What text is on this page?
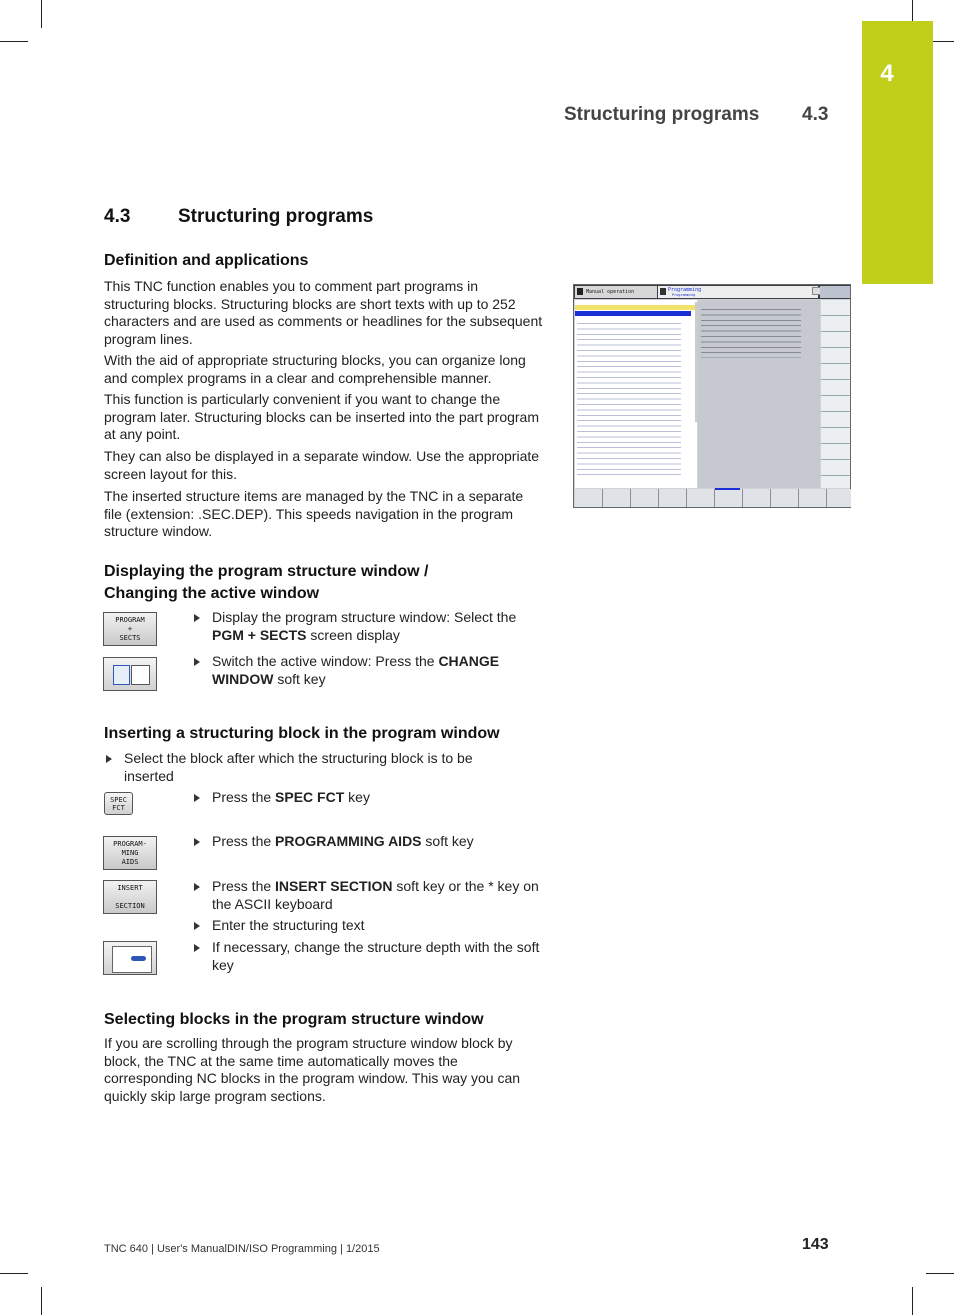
4
Structuring programs 4.3
4.3	Structuring programs
Definition and applications
This TNC function enables you to comment part programs in structuring blocks. Structuring blocks are short texts with up to 252 characters and are used as comments or headlines for the subsequent program lines.
With the aid of appropriate structuring blocks, you can organize long and complex programs in a clear and comprehensible manner.
This function is particularly convenient if you want to change the program later. Structuring blocks can be inserted into the part program at any point.
They can also be displayed in a separate window. Use the appropriate screen layout for this.
The inserted structure items are managed by the TNC in a separate file (extension: .SEC.DEP). This speeds navigation in the program structure window.
Manual operation	Programming
Programming
Displaying the program structure window /
Changing the active window
PROGRAM
+
SECTS
Display the program structure window: Select the PGM + SECTS screen display
Switch the active window: Press the CHANGE WINDOW soft key
Inserting a structuring block in the program window
Select the block after which the structuring block is to be inserted
SPEC
FCT
Press the SPEC FCT key
PROGRAM-
MING
AIDS
Press the PROGRAMMING AIDS soft key
INSERT
SECTION
Press the INSERT SECTION soft key or the * key on the ASCII keyboard
Enter the structuring text
If necessary, change the structure depth with the soft key
Selecting blocks in the program structure window
If you are scrolling through the program structure window block by block, the TNC at the same time automatically moves the corresponding NC blocks in the program window. This way you can quickly skip large program sections.
TNC 640 | User's ManualDIN/ISO Programming | 1/2015	143
